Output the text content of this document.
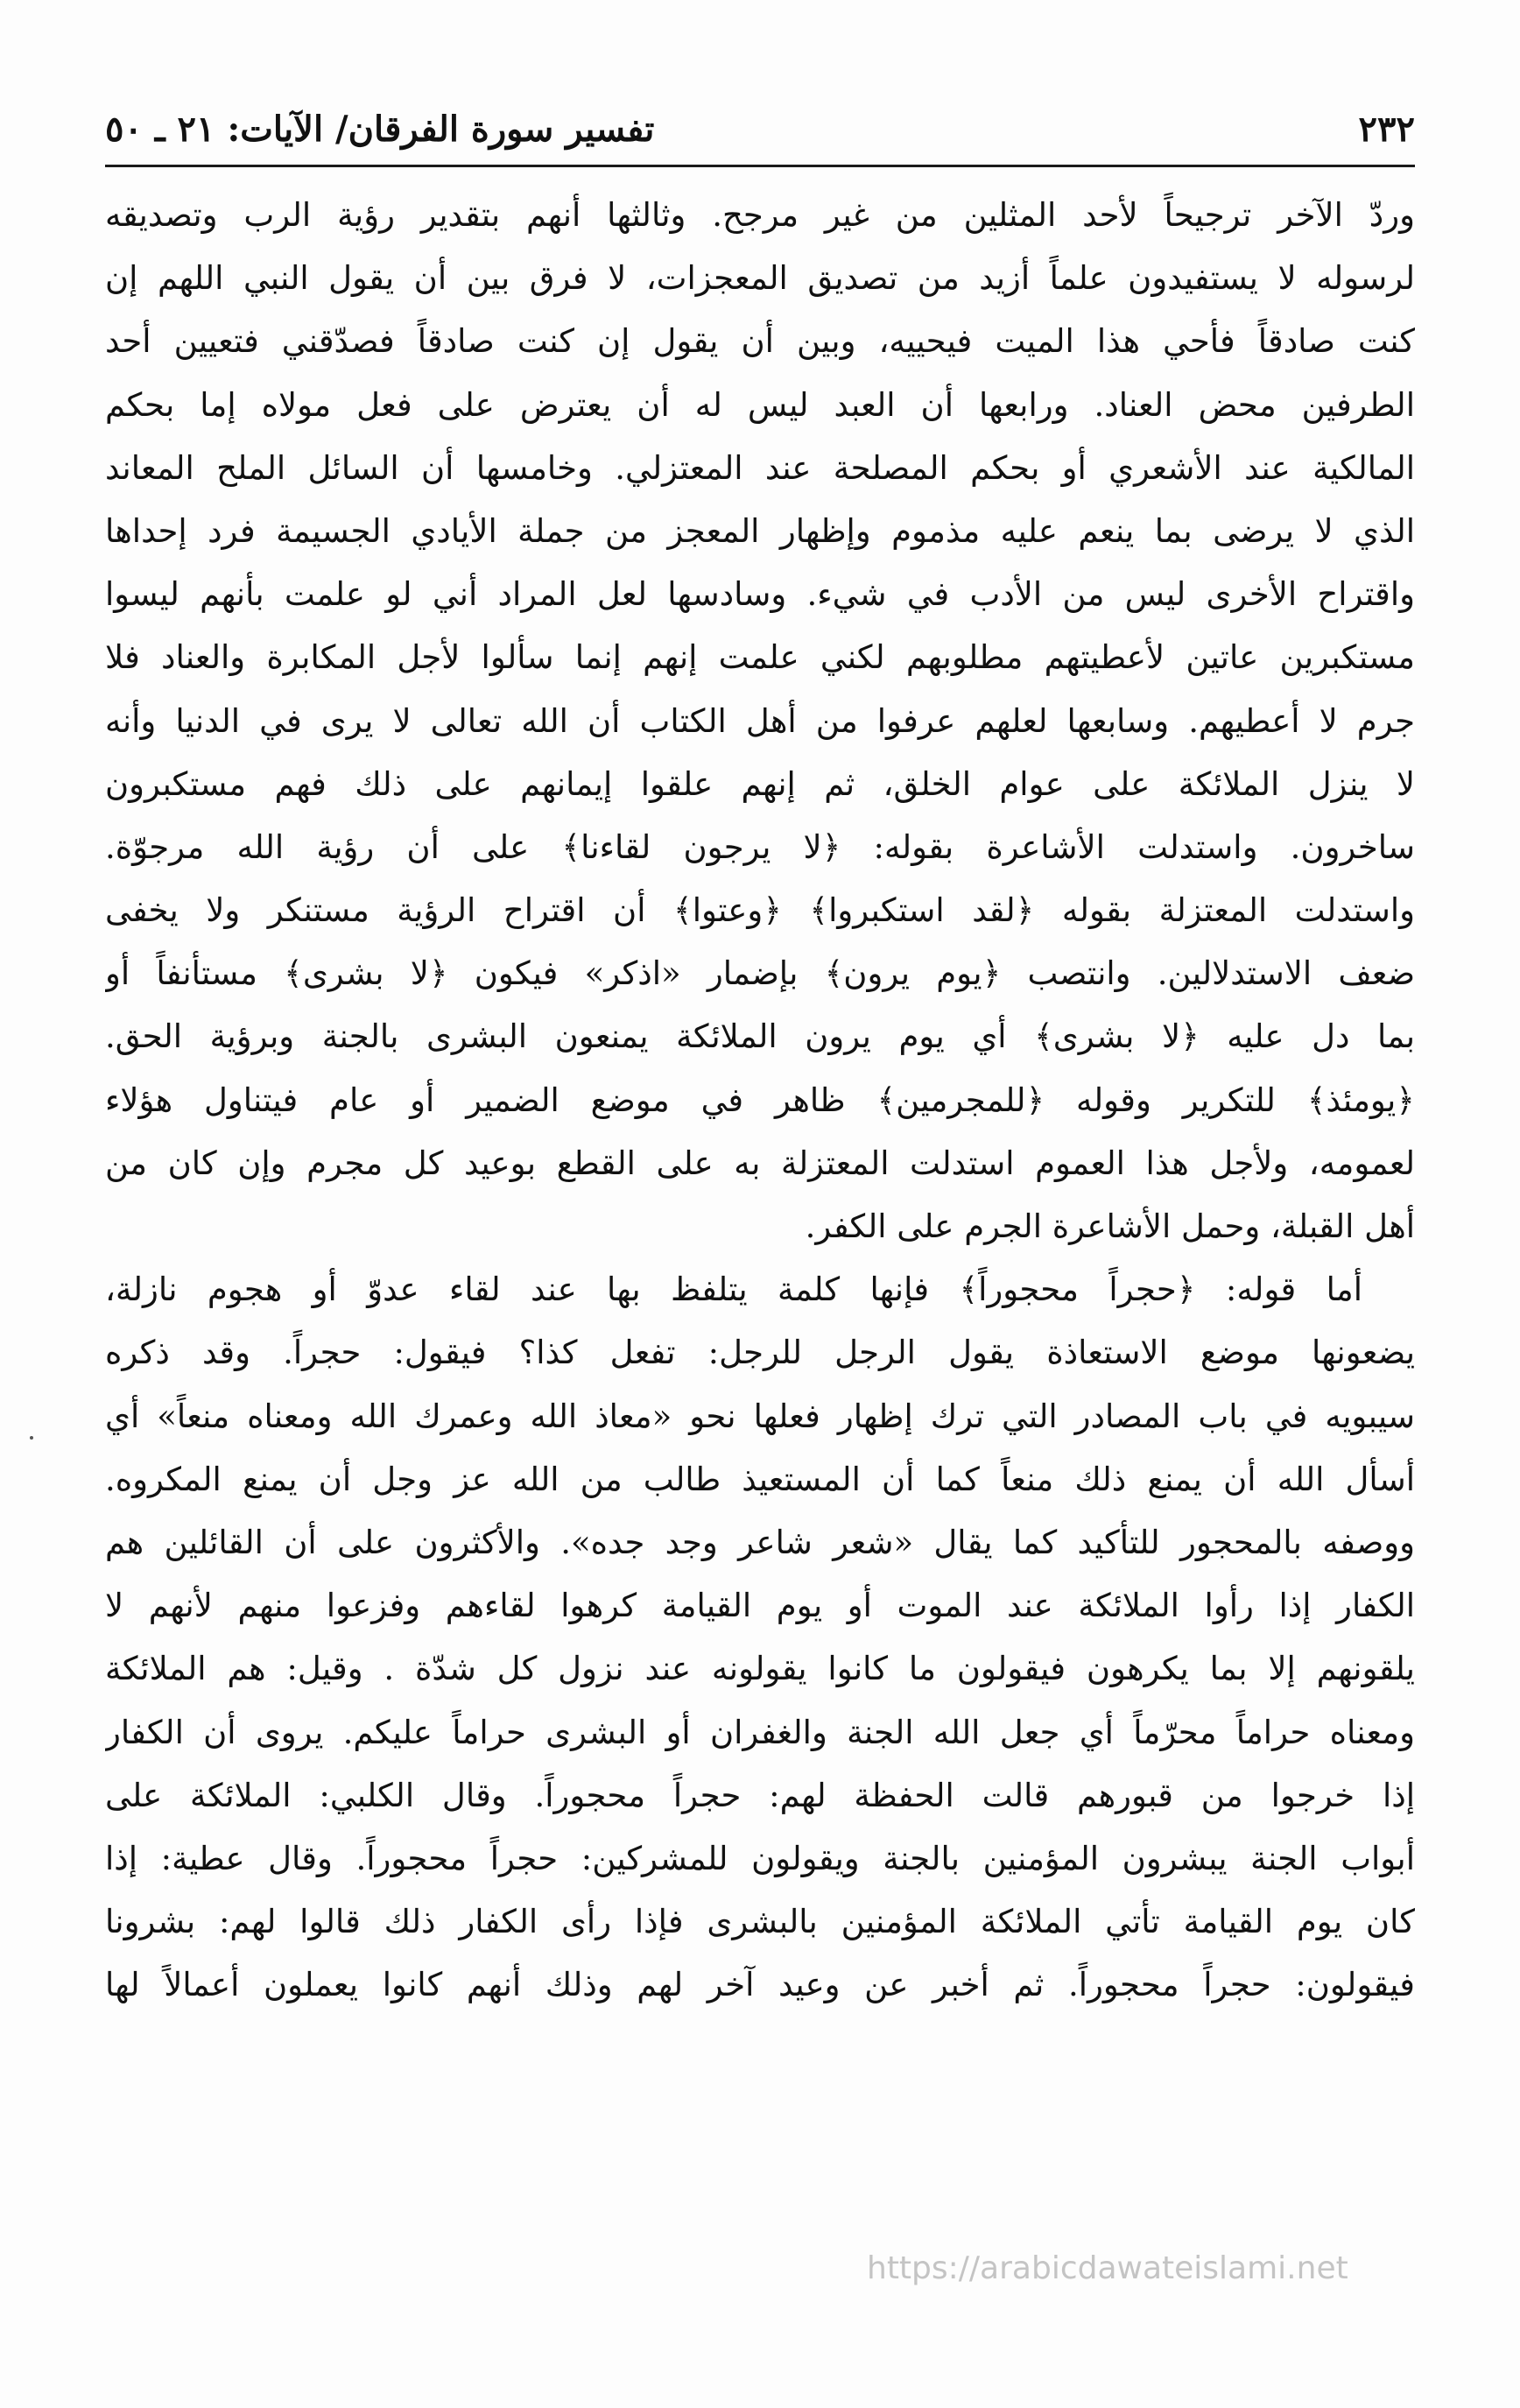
٢٣٢
تفسير سورة الفرقان/ الآيات: ٢١ ـ ٥٠
وردّ الآخر ترجيحاً لأحد المثلين من غير مرجح. وثالثها أنهم بتقدير رؤية الرب وتصديقه
لرسوله لا يستفيدون علماً أزيد من تصديق المعجزات، لا فرق بين أن يقول النبي اللهم إن
كنت صادقاً فأحي هذا الميت فيحييه، وبين أن يقول إن كنت صادقاً فصدّقني فتعيين أحد
الطرفين محض العناد. ورابعها أن العبد ليس له أن يعترض على فعل مولاه إما بحكم
المالكية عند الأشعري أو بحكم المصلحة عند المعتزلي. وخامسها أن السائل الملح المعاند
الذي لا يرضى بما ينعم عليه مذموم وإظهار المعجز من جملة الأيادي الجسيمة فرد إحداها
واقتراح الأخرى ليس من الأدب في شيء. وسادسها لعل المراد أني لو علمت بأنهم ليسوا
مستكبرين عاتين لأعطيتهم مطلوبهم لكني علمت إنهم إنما سألوا لأجل المكابرة والعناد فلا
جرم لا أعطيهم. وسابعها لعلهم عرفوا من أهل الكتاب أن الله تعالى لا يرى في الدنيا وأنه
لا ينزل الملائكة على عوام الخلق، ثم إنهم علقوا إيمانهم على ذلك فهم مستكبرون
ساخرون. واستدلت الأشاعرة بقوله: ﴿لا يرجون لقاءنا﴾ على أن رؤية الله مرجوّة.
واستدلت المعتزلة بقوله ﴿لقد استكبروا﴾ ﴿وعتوا﴾ أن اقتراح الرؤية مستنكر ولا يخفى
ضعف الاستدلالين. وانتصب ﴿يوم يرون﴾ بإضمار «اذكر» فيكون ﴿لا بشرى﴾ مستأنفاً أو
بما دل عليه ﴿لا بشرى﴾ أي يوم يرون الملائكة يمنعون البشرى بالجنة وبرؤية الحق.
﴿يومئذ﴾ للتكرير وقوله ﴿للمجرمين﴾ ظاهر في موضع الضمير أو عام فيتناول هؤلاء
لعمومه، ولأجل هذا العموم استدلت المعتزلة به على القطع بوعيد كل مجرم وإن كان من
أهل القبلة، وحمل الأشاعرة الجرم على الكفر.
أما قوله: ﴿حجراً محجوراً﴾ فإنها كلمة يتلفظ بها عند لقاء عدوّ أو هجوم نازلة،
يضعونها موضع الاستعاذة يقول الرجل للرجل: تفعل كذا؟ فيقول: حجراً. وقد ذكره
سيبويه في باب المصادر التي ترك إظهار فعلها نحو «معاذ الله وعمرك الله ومعناه منعاً» أي
أسأل الله أن يمنع ذلك منعاً كما أن المستعيذ طالب من الله عز وجل أن يمنع المكروه.
ووصفه بالمحجور للتأكيد كما يقال «شعر شاعر وجد جده». والأكثرون على أن القائلين هم
الكفار إذا رأوا الملائكة عند الموت أو يوم القيامة كرهوا لقاءهم وفزعوا منهم لأنهم لا
يلقونهم إلا بما يكرهون فيقولون ما كانوا يقولونه عند نزول كل شدّة . وقيل: هم الملائكة
ومعناه حراماً محرّماً أي جعل الله الجنة والغفران أو البشرى حراماً عليكم. يروى أن الكفار
إذا خرجوا من قبورهم قالت الحفظة لهم: حجراً محجوراً. وقال الكلبي: الملائكة على
أبواب الجنة يبشرون المؤمنين بالجنة ويقولون للمشركين: حجراً محجوراً. وقال عطية: إذا
كان يوم القيامة تأتي الملائكة المؤمنين بالبشرى فإذا رأى الكفار ذلك قالوا لهم: بشرونا
فيقولون: حجراً محجوراً. ثم أخبر عن وعيد آخر لهم وذلك أنهم كانوا يعملون أعمالاً لها
https://arabicdawateislami.net
